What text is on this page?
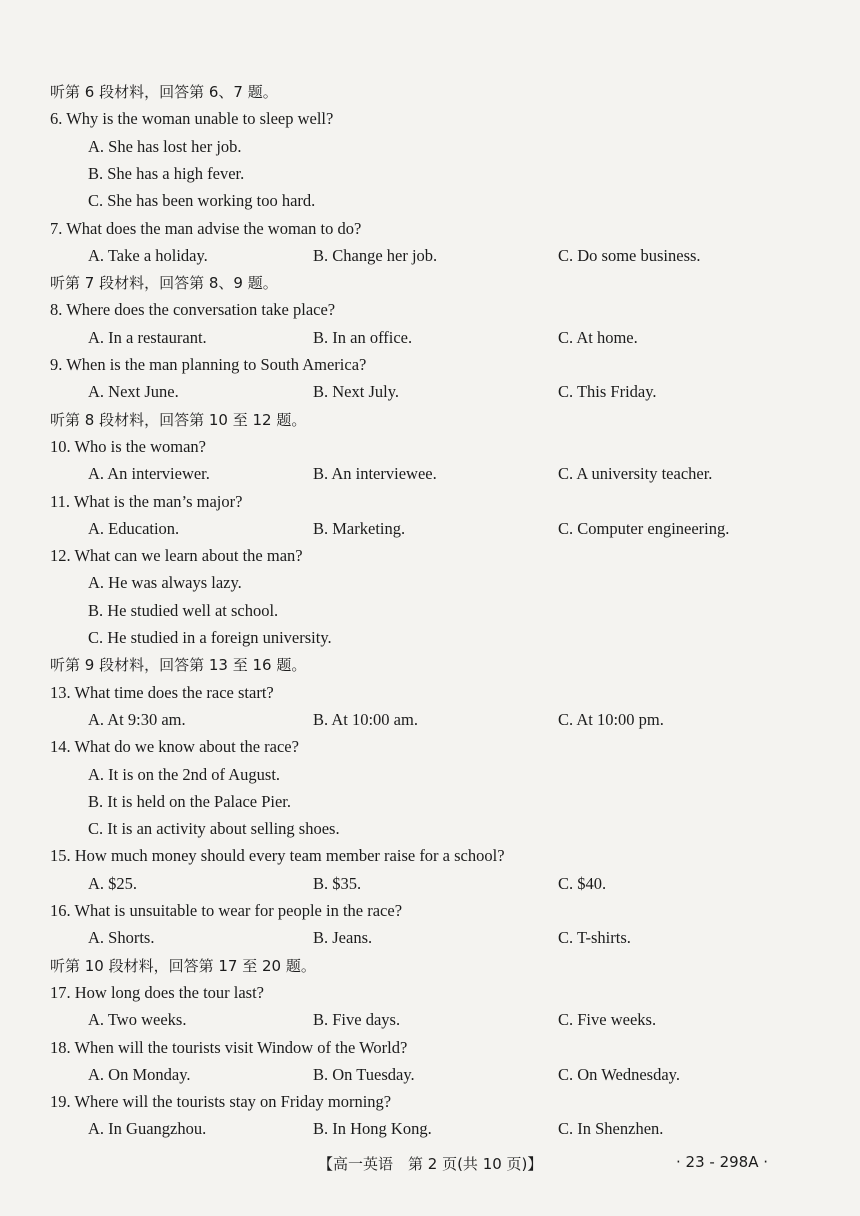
听第 6 段材料，回答第 6、7 题。
6. Why is the woman unable to sleep well?
A. She has lost her job.
B. She has a high fever.
C. She has been working too hard.
7. What does the man advise the woman to do?
A. Take a holiday.	B. Change her job.	C. Do some business.
听第 7 段材料，回答第 8、9 题。
8. Where does the conversation take place?
A. In a restaurant.	B. In an office.	C. At home.
9. When is the man planning to South America?
A. Next June.	B. Next July.	C. This Friday.
听第 8 段材料，回答第 10 至 12 题。
10. Who is the woman?
A. An interviewer.	B. An interviewee.	C. A university teacher.
11. What is the man’s major?
A. Education.	B. Marketing.	C. Computer engineering.
12. What can we learn about the man?
A. He was always lazy.
B. He studied well at school.
C. He studied in a foreign university.
听第 9 段材料，回答第 13 至 16 题。
13. What time does the race start?
A. At 9:30 am.	B. At 10:00 am.	C. At 10:00 pm.
14. What do we know about the race?
A. It is on the 2nd of August.
B. It is held on the Palace Pier.
C. It is an activity about selling shoes.
15. How much money should every team member raise for a school?
A. $25.	B. $35.	C. $40.
16. What is unsuitable to wear for people in the race?
A. Shorts.	B. Jeans.	C. T-shirts.
听第 10 段材料，回答第 17 至 20 题。
17. How long does the tour last?
A. Two weeks.	B. Five days.	C. Five weeks.
18. When will the tourists visit Window of the World?
A. On Monday.	B. On Tuesday.	C. On Wednesday.
19. Where will the tourists stay on Friday morning?
A. In Guangzhou.	B. In Hong Kong.	C. In Shenzhen.
【高一英语　第 2 页(共 10 页)】	· 23 - 298A ·
